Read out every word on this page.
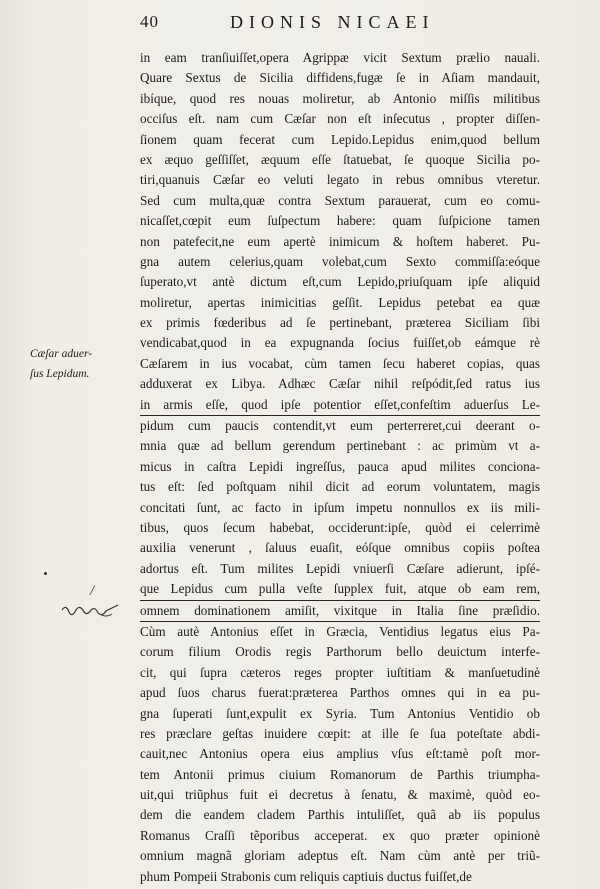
40	DIONIS NICAEI
Cæſar aduer-
ſus Lepidum.
/
in eam tranſiuiſſet,opera Agrippæ vicit Sextum prælio nauali.
Quare Sextus de Sicilia diffidens,fugæ ſe in Aſiam mandauit,
ibíque, quod res nouas moliretur, ab Antonio miſſis militibus
occiſus eſt. nam cum Cæſar non eſt inſecutus , propter diſſen-
ſionem quam fecerat cum Lepido.Lepidus enim,quod bellum
ex æquo geſſiſſet, æquum eſſe ſtatuebat, ſe quoque Sicilia po-
tiri,quanuis Cæſar eo veluti legato in rebus omnibus vteretur.
Sed cum multa,quæ contra Sextum parauerat, cum eo comu-
nicaſſet,cœpit eum ſuſpectum habere: quam ſuſpicione tamen
non patefecit,ne eum apertè inimicum & hoſtem haberet. Pu-
gna autem celerius,quam volebat,cum Sexto commiſſa:eóque
ſuperato,vt antè dictum eſt,cum Lepido,priuſquam ipſe aliquid
moliretur, apertas inimicitias geſſit. Lepidus petebat ea quæ
ex primis fœderibus ad ſe pertinebant, præterea Siciliam ſibi
vendicabat,quod in ea expugnanda ſocius fuiſſet,ob eámque rè
Cæſarem in ius vocabat, cùm tamen ſecu haberet copias, quas
adduxerat ex Libya. Adhæc Cæſar nihil reſpódit,ſed ratus ius
in armis eſſe, quod ipſe potentior eſſet,confeſtim aduerſus Le-
pidum cum paucis contendit,vt eum perterreret,cui deerant o-
mnia quæ ad bellum gerendum pertinebant : ac primùm vt a-
micus in caſtra Lepidi ingreſſus, pauca apud milites conciona-
tus eſt: ſed poſtquam nihil dicit ad eorum voluntatem, magis
concitati ſunt, ac facto in ipſum impetu nonnullos ex iis mili-
tibus, quos ſecum habebat, occiderunt:ipſe, quòd ei celerrimè
auxilia venerunt , ſaluus euaſit, eóſque omnibus copiis poſtea
adortus eſt. Tum milites Lepidi vniuerſi Cæſare adierunt, ipſé-
que Lepidus cum pulla veſte ſupplex fuit, atque ob eam rem,
omnem dominationem amiſit, vixitque in Italia ſine præſidio.
Cùm autè Antonius eſſet in Græcia, Ventidius legatus eius Pa-
corum filium Orodis regis Parthorum bello deuictum interfe-
cit, qui ſupra cæteros reges propter iuſtitiam & manſuetudinè
apud ſuos charus fuerat:præterea Parthos omnes qui in ea pu-
gna ſuperati ſunt,expulit ex Syria. Tum Antonius Ventidio ob
res præclare geſtas inuidere cœpit: at ille ſe ſua poteſtate abdi-
cauit,nec Antonius opera eius amplius vſus eſt:tamè poſt mor-
tem Antonii primus ciuium Romanorum de Parthis triumpha-
uit,qui triũphus fuit ei decretus à ſenatu, & maximè, quòd eo-
dem die eandem cladem Parthis intuliſſet, quã ab iis populus
Romanus Craſſi tẽporibus acceperat. ex quo præter opinionè
omnium magnã gloriam adeptus eſt. Nam cùm antè per triũ-
phum Pompeii Strabonis cum reliquis captiuis ductus fuiſſet,de
